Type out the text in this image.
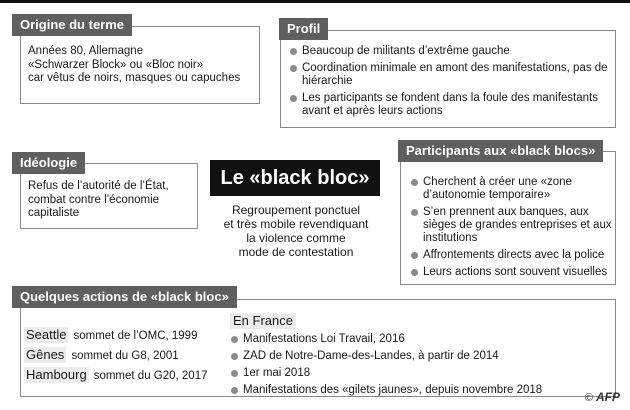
Origine du terme
Années 80, Allemagne
«Schwarzer Block» ou «Bloc noir»
car vêtus de noirs, masques ou capuches
Profil
Beaucoup de militants d’extrême gauche
Coordination minimale en amont des manifestations, pas de hiérarchie
Les participants se fondent dans la foule des manifestants avant et après leurs actions
Idéologie
Refus de l’autorité de l’État,
combat contre l’économie
capitaliste
Le «black bloc»
Regroupement ponctuel
et très mobile revendiquant
la violence comme
mode de contestation
Participants aux «black blocs»
Cherchent à créer une «zone d’autonomie temporaire»
S’en prennent aux banques, aux sièges de grandes entreprises et aux institutions
Affrontements directs avec la police
Leurs actions sont souvent visuelles
Quelques actions de «black bloc»
Seattle sommet de l’OMC, 1999
Gênes sommet du G8, 2001
Hambourg sommet du G20, 2017
En France
Manifestations Loi Travail, 2016
ZAD de Notre-Dame-des-Landes, à partir de 2014
1er mai 2018
Manifestations des «gilets jaunes», depuis novembre 2018
© AFP
